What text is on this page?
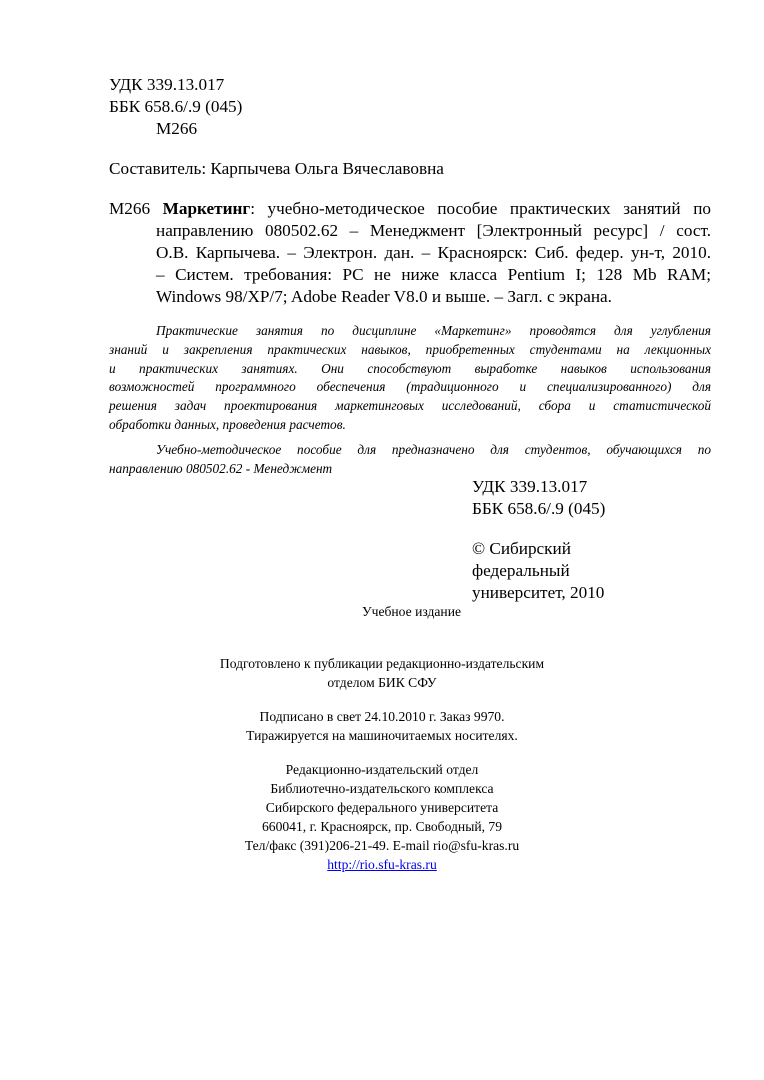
УДК 339.13.017
ББК 658.6/.9 (045)
М266
Составитель: Карпычева Ольга Вячеславовна
М266 Маркетинг: учебно-методическое пособие практических занятий по
направлению 080502.62 – Менеджмент [Электронный ресурс] / сост.
О.В. Карпычева. – Электрон. дан. – Красноярск: Сиб. федер. ун-т, 2010.
– Систем. требования: PC не ниже класса Pentium I; 128 Mb RAM;
Windows 98/XP/7; Adobe Reader V8.0 и выше. – Загл. с экрана.
Практические занятия по дисциплине «Маркетинг» проводятся для углубления
знаний и закрепления практических навыков, приобретенных студентами на лекционных
и практических занятиях. Они способствуют выработке навыков использования
возможностей программного обеспечения (традиционного и специализированного) для
решения задач проектирования маркетинговых исследований, сбора и статистической
обработки данных, проведения расчетов.
Учебно-методическое пособие для предназначено для студентов, обучающихся по
направлению 080502.62 - Менеджмент
УДК 339.13.017
ББК 658.6/.9 (045)
© Сибирский
федеральный
университет, 2010
Учебное издание
Подготовлено к публикации редакционно-издательским
отделом БИК СФУ
Подписано в свет 24.10.2010 г. Заказ 9970.
Тиражируется на машиночитаемых носителях.
Редакционно-издательский отдел
Библиотечно-издательского комплекса
Сибирского федерального университета
660041, г. Красноярск, пр. Свободный, 79
Тел/факс (391)206-21-49. E-mail rio@sfu-kras.ru
http://rio.sfu-kras.ru
